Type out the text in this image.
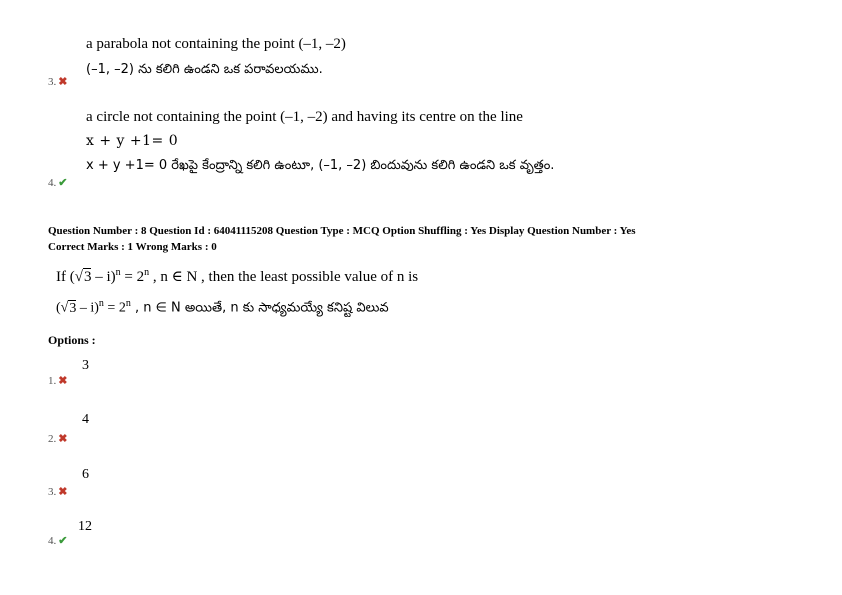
a parabola not containing the point (–1, –2)
(–1, –2) ను కలిగి ఉండని ఒక పరావలయము.
3. ✖
a circle not containing the point (–1, –2) and having its centre on the line
x + y +1= 0
x + y +1= 0 రేఖపై కేంద్రాన్ని కలిగి ఉంటూ, (–1, –2) బిందువును కలిగి ఉండని ఒక వృత్తం.
4. ✔
Question Number : 8 Question Id : 64041115208 Question Type : MCQ Option Shuffling : Yes Display Question Number : Yes
Correct Marks : 1 Wrong Marks : 0
If $(√3 - i)^n = 2^n$ , n ∈ N , then the least possible value of n is
$(√3 - i)^n = 2^n$ , n ∈ N అయితే, n కు సాధ్యమయ్యే కనిష్ట విలువ
Options :
3
1. ✖
4
2. ✖
6
3. ✖
12
4. ✔
